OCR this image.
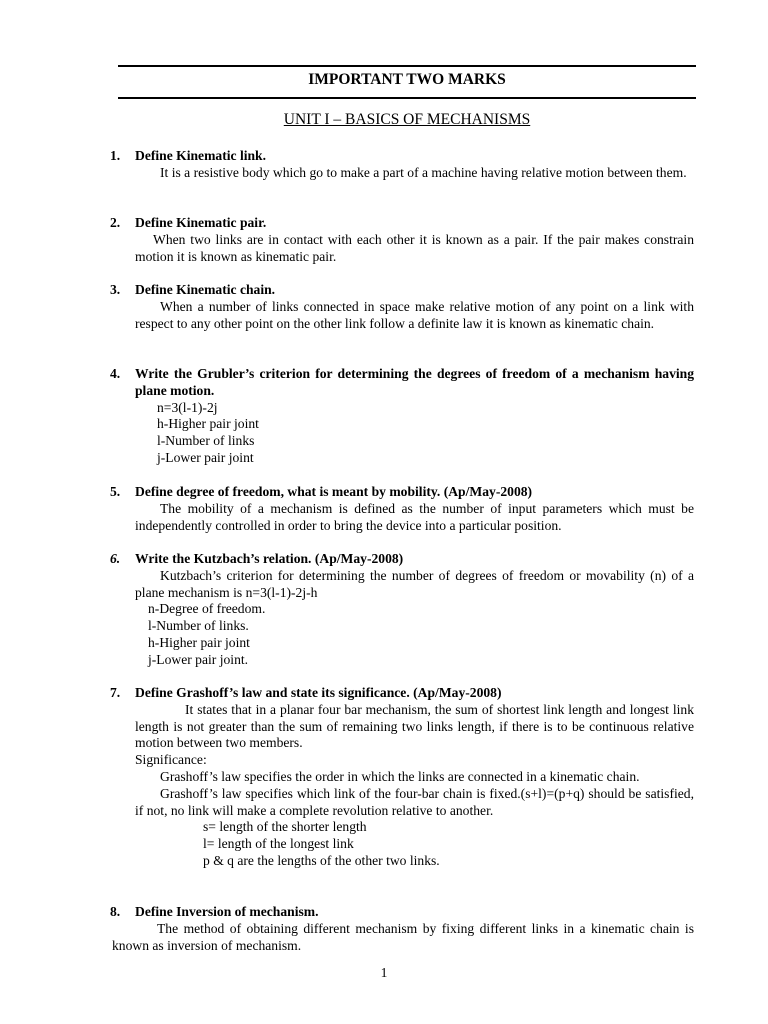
IMPORTANT TWO MARKS
UNIT I – BASICS OF MECHANISMS
1. Define Kinematic link.
It is a resistive body which go to make a part of a machine having relative motion between them.
2. Define Kinematic pair.
When two links are in contact with each other it is known as a pair. If the pair makes constrain motion it is known as kinematic pair.
3. Define Kinematic chain.
When a number of links connected in space make relative motion of any point on a link with respect to any other point on the other link follow a definite law it is known as kinematic chain.
4. Write the Grubler’s criterion for determining the degrees of freedom of a mechanism having plane motion.
n=3(l-1)-2j
h-Higher pair joint
l-Number of links
j-Lower pair joint
5. Define degree of freedom, what is meant by mobility. (Ap/May-2008)
The mobility of a mechanism is defined as the number of input parameters which must be independently controlled in order to bring the device into a particular position.
6. Write the Kutzbach’s relation. (Ap/May-2008)
Kutzbach’s criterion for determining the number of degrees of freedom or movability (n) of a plane mechanism is n=3(l-1)-2j-h
n-Degree of freedom.
l-Number of links.
h-Higher pair joint
j-Lower pair joint.
7. Define Grashoff’s law and state its significance. (Ap/May-2008)
It states that in a planar four bar mechanism, the sum of shortest link length and longest link length is not greater than the sum of remaining two links length, if there is to be continuous relative motion between two members.
Significance:
Grashoff’s law specifies the order in which the links are connected in a kinematic chain.
Grashoff’s law specifies which link of the four-bar chain is fixed.(s+l)=(p+q) should be satisfied, if not, no link will make a complete revolution relative to another.
s= length of the shorter length
l= length of the longest link
p & q are the lengths of the other two links.
8. Define Inversion of mechanism.
The method of obtaining different mechanism by fixing different links in a kinematic chain is known as inversion of mechanism.
1
